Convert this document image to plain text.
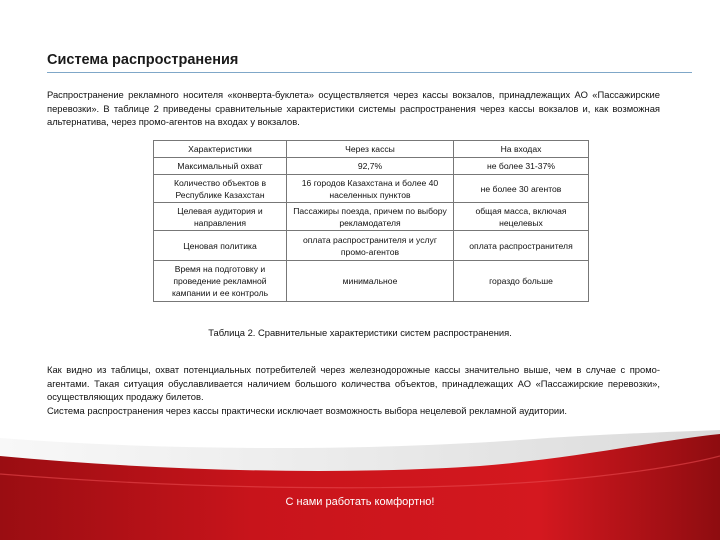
Система распространения

Распространение рекламного носителя «конверта-буклета» осуществляется через кассы вокзалов, принадлежащих АО «Пассажирские перевозки». В таблице 2 приведены сравнительные характеристики системы распространения через кассы вокзалов и, как возможная альтернатива, через промо-агентов на входах у вокзалов.

Характеристики	Через кассы	На входах
Максимальный охват	92,7%	не более 31-37%
Количество объектов в Республике Казахстан	16 городов Казахстана и более 40 населенных пунктов	не более 30 агентов
Целевая аудитория и направления	Пассажиры поезда, причем по выбору рекламодателя	общая масса, включая нецелевых
Ценовая политика	оплата распространителя и услуг промо-агентов	оплата распространителя
Время на подготовку и проведение рекламной кампании и ее контроль	минимальное	гораздо больше
Таблица 2. Сравнительные характеристики систем распространения.

Как видно из таблицы, охват потенциальных потребителей через железнодорожные кассы значительно выше, чем в случае с промо-агентами. Такая ситуация обуславливается наличием большого количества объектов, принадлежащих АО «Пассажирские перевозки», осуществляющих продажу билетов.

Система распространения через кассы практически исключает возможность выбора нецелевой рекламной аудитории.

С нами работать комфортно!
